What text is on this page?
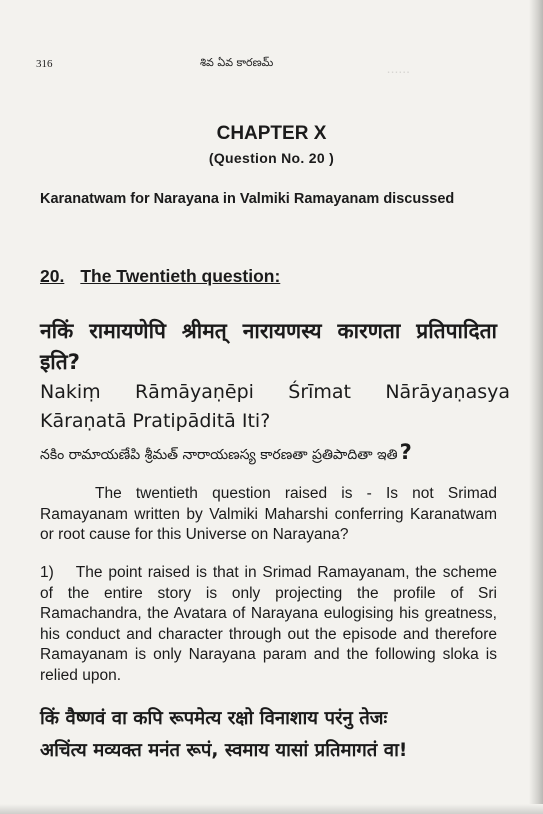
......
316	శివ ఏవ కారణమ్
CHAPTER X
(Question No. 20 )
Karanatwam for Narayana in Valmiki Ramayanam discussed
20. The Twentieth question:
नकिं रामायणेपि श्रीमत् नारायणस्य कारणता प्रतिपादिता इति?
Nakiṃ Rāmāyaṇēpi Śrīmat Nārāyaṇasya Kāraṇatā Pratipāditā Iti?
నకిం రామాయణేపి శ్రీమత్ నారాయణస్య కారణతా ప్రతిపాదితా ఇతి?
The twentieth question raised is - Is not Srimad Ramayanam written by Valmiki Maharshi conferring Karanatwam or root cause for this Universe on Narayana?
1) The point raised is that in Srimad Ramayanam, the scheme of the entire story is only projecting the profile of Sri Ramachandra, the Avatara of Narayana eulogising his greatness, his conduct and character through out the episode and therefore Ramayanam is only Narayana param and the following sloka is relied upon.
किं वैष्णवं वा कपि रूपमेत्य रक्षो विनाशाय परंनु तेजः
अचिंत्य मव्यक्त मनंत रूपं, स्वमाय यासां प्रतिमागतं वा!
